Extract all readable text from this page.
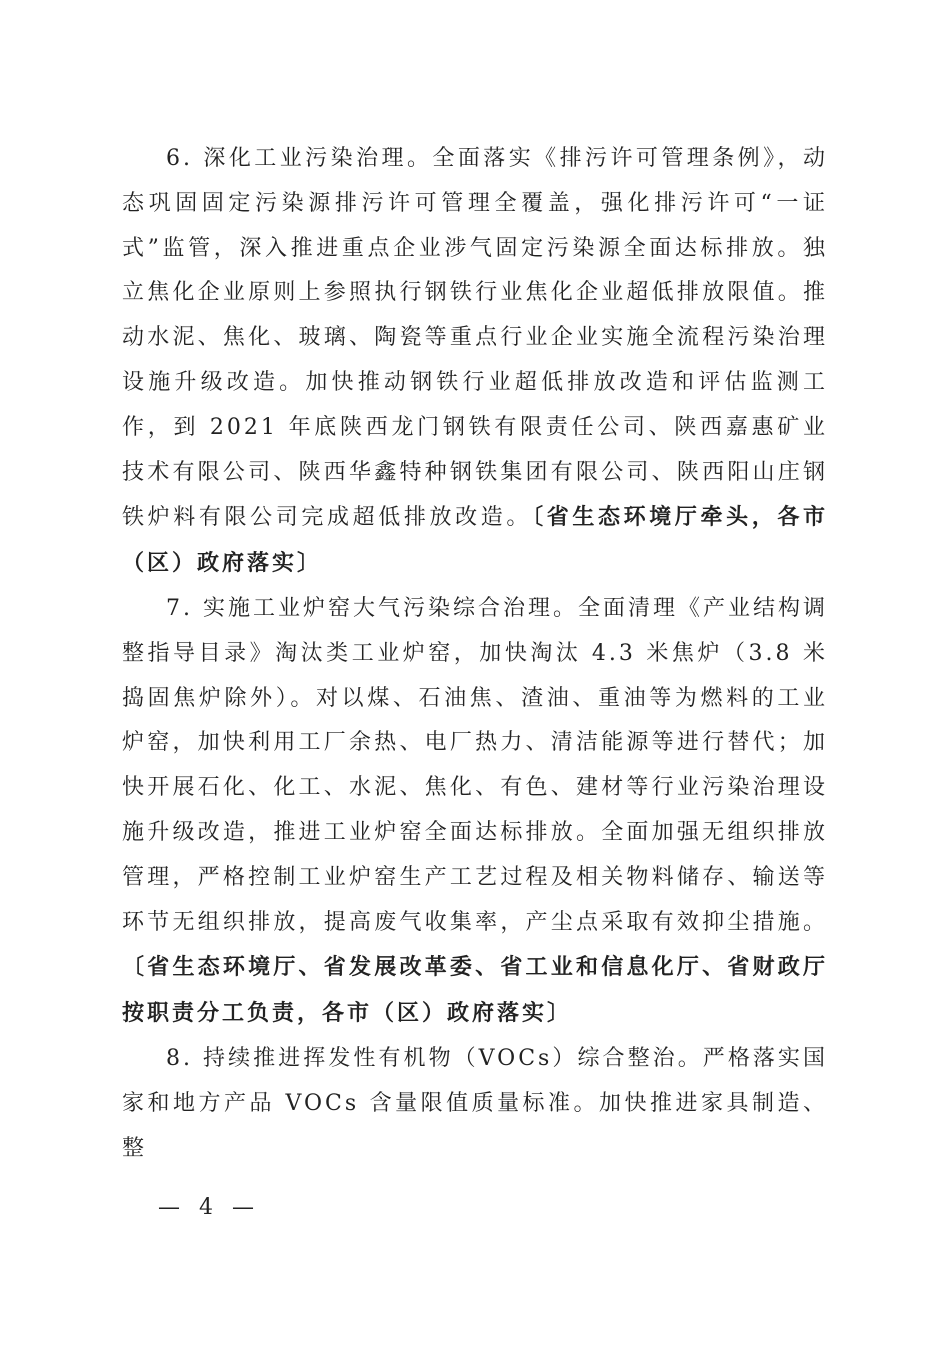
6. 深化工业污染治理。全面落实《排污许可管理条例》，动态巩固固定污染源排污许可管理全覆盖，强化排污许可“一证式”监管，深入推进重点企业涉气固定污染源全面达标排放。独立焦化企业原则上参照执行钢铁行业焦化企业超低排放限值。推动水泥、焦化、玻璃、陶瓷等重点行业企业实施全流程污染治理设施升级改造。加快推动钢铁行业超低排放改造和评估监测工作，到 2021 年底陕西龙门钢铁有限责任公司、陕西嘉惠矿业技术有限公司、陕西华鑫特种钢铁集团有限公司、陕西阳山庄钢铁炉料有限公司完成超低排放改造。〔省生态环境厅牵头，各市（区）政府落实〕

7. 实施工业炉窑大气污染综合治理。全面清理《产业结构调整指导目录》淘汰类工业炉窑，加快淘汰 4.3 米焦炉（3.8 米捣固焦炉除外）。对以煤、石油焦、渣油、重油等为燃料的工业炉窑，加快利用工厂余热、电厂热力、清洁能源等进行替代；加快开展石化、化工、水泥、焦化、有色、建材等行业污染治理设施升级改造，推进工业炉窑全面达标排放。全面加强无组织排放管理，严格控制工业炉窑生产工艺过程及相关物料储存、输送等环节无组织排放，提高废气收集率，产尘点采取有效抑尘措施。〔省生态环境厅、省发展改革委、省工业和信息化厅、省财政厅按职责分工负责，各市（区）政府落实〕

8. 持续推进挥发性有机物（VOCs）综合整治。严格落实国家和地方产品 VOCs 含量限值质量标准。加快推进家具制造、整

— 4 —
